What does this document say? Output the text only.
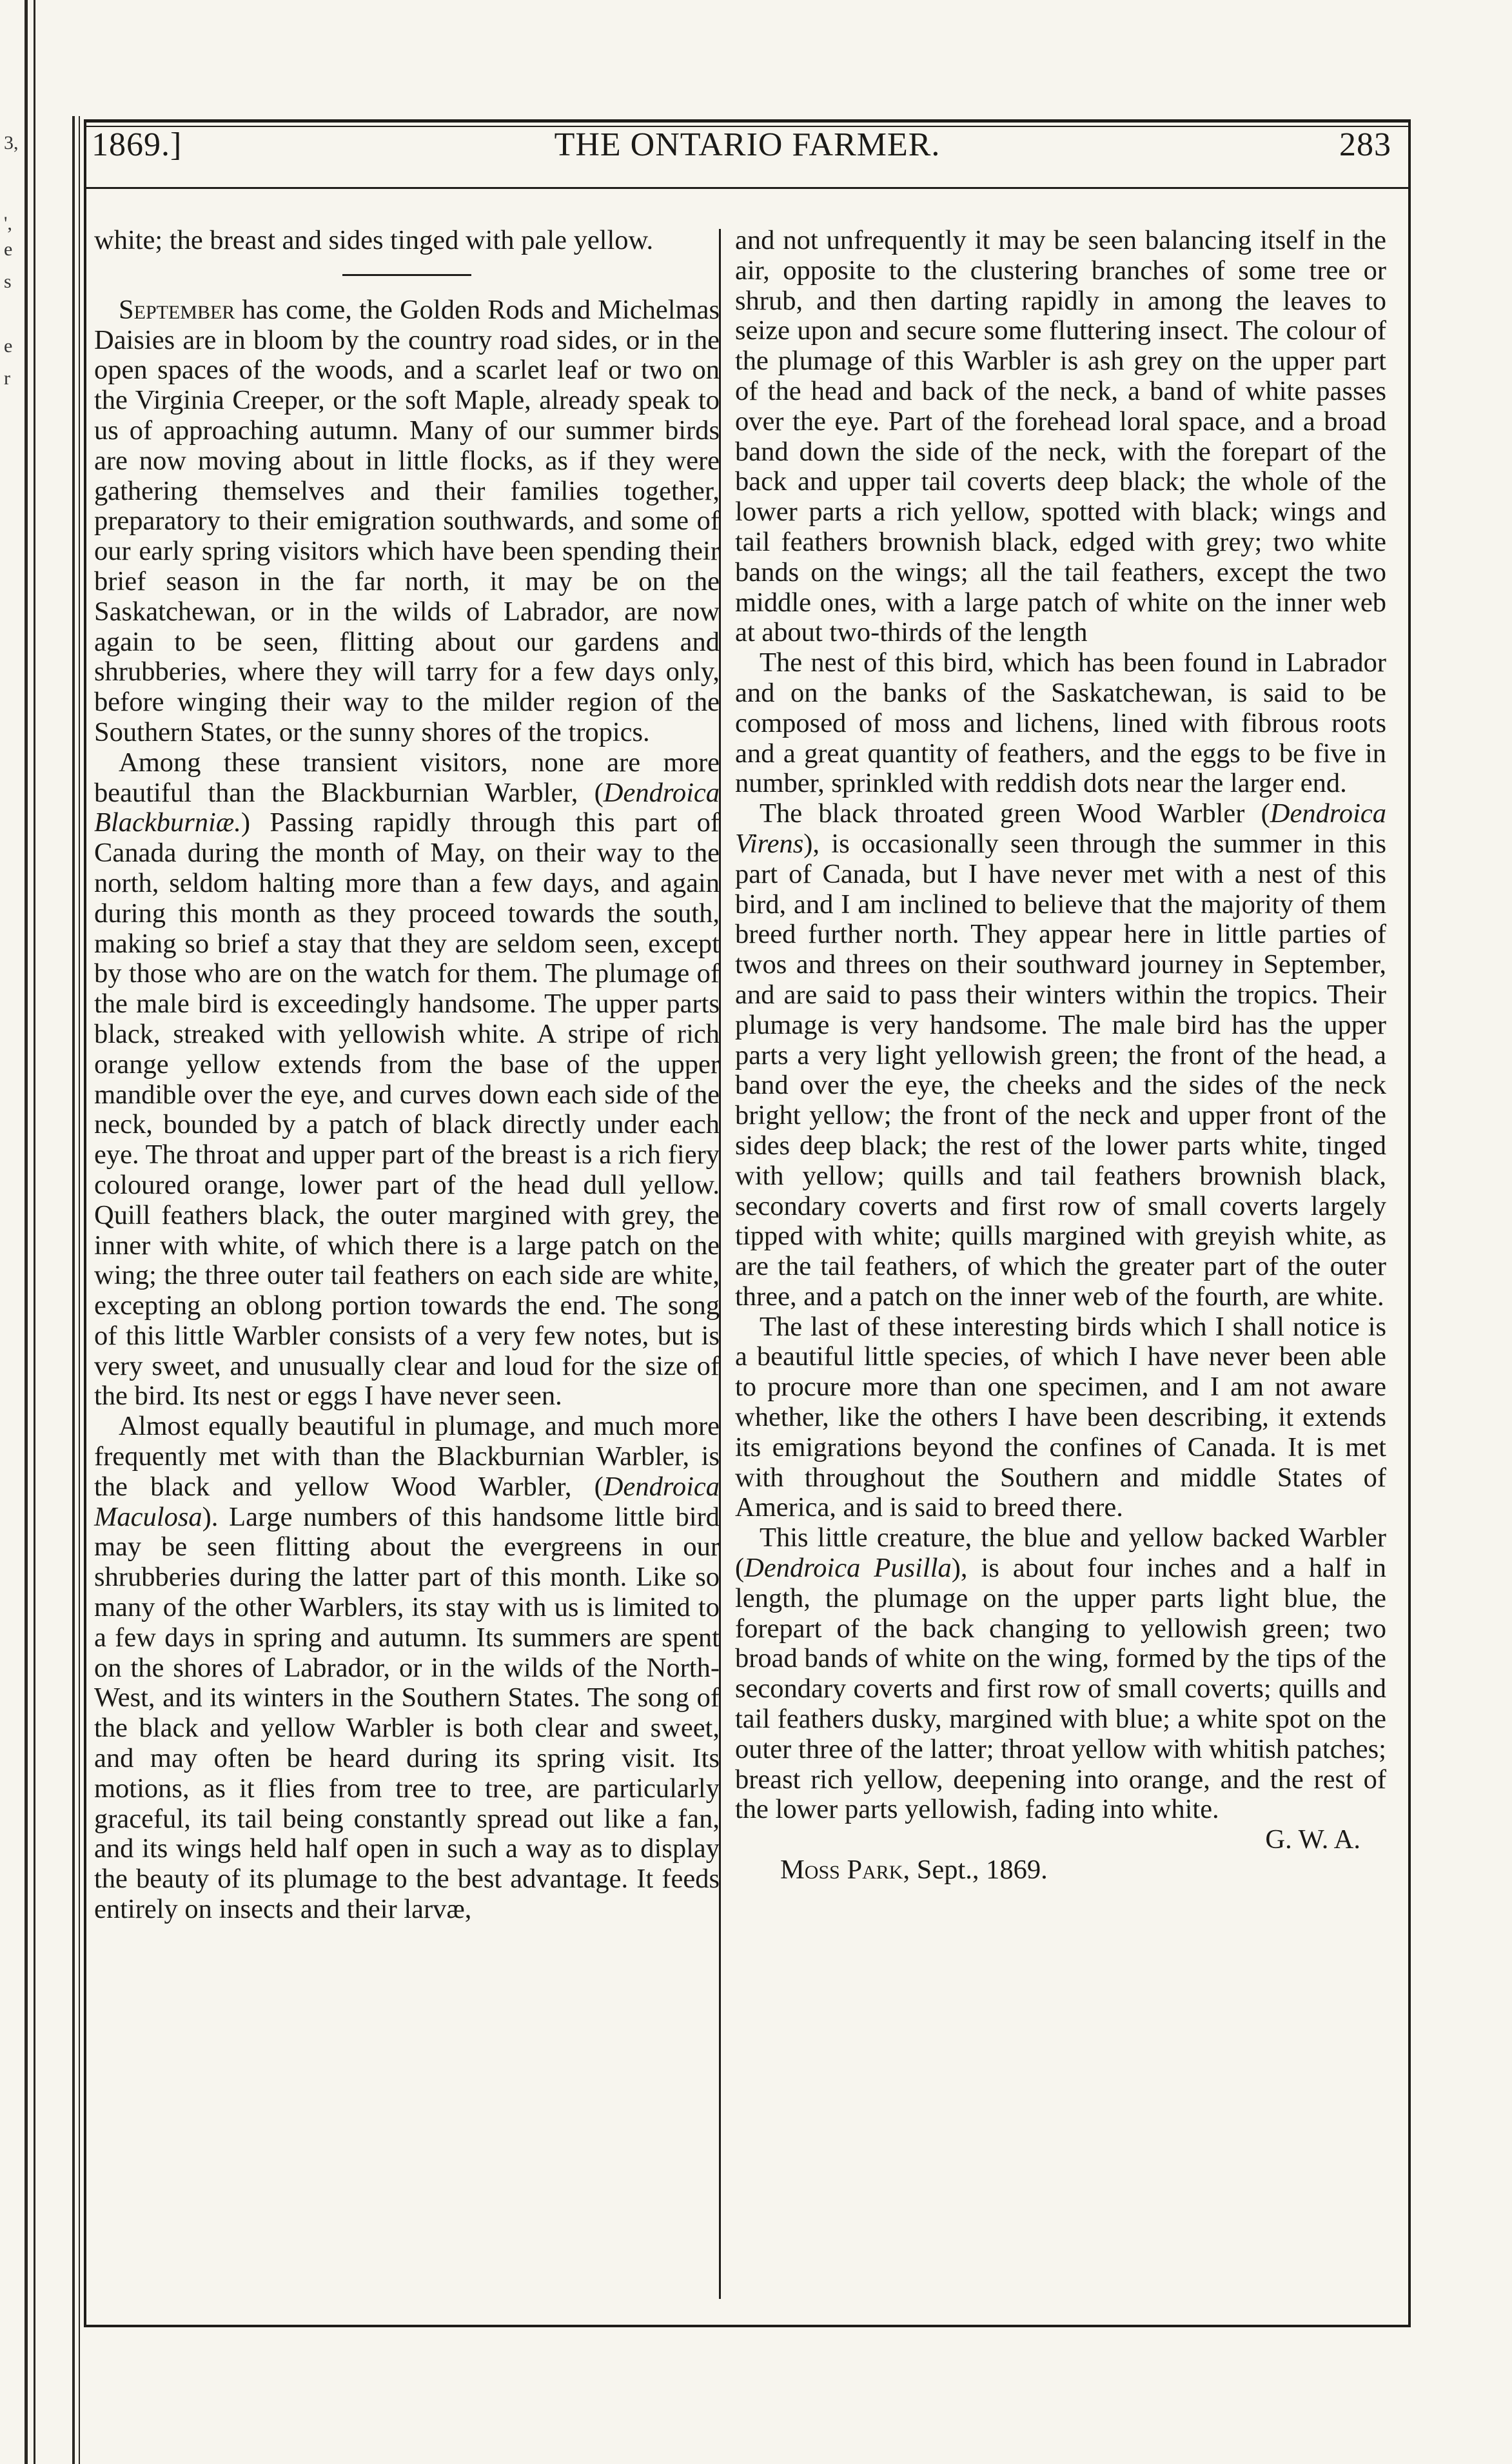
3,
',
e
s
e
r
1869.]	THE ONTARIO FARMER.	283

white; the breast and sides tinged with pale yellow.

September has come, the Golden Rods and Michelmas Daisies are in bloom by the country road sides, or in the open spaces of the woods, and a scarlet leaf or two on the Virginia Creeper, or the soft Maple, already speak to us of approaching autumn. Many of our summer birds are now moving about in little flocks, as if they were gathering themselves and their families together, preparatory to their emigration southwards, and some of our early spring visitors which have been spending their brief season in the far north, it may be on the Saskatchewan, or in the wilds of Labrador, are now again to be seen, flitting about our gardens and shrubberies, where they will tarry for a few days only, before winging their way to the milder region of the Southern States, or the sunny shores of the tropics.

Among these transient visitors, none are more beautiful than the Blackburnian Warbler, (Dendroica Blackburniæ.) Passing rapidly through this part of Canada during the month of May, on their way to the north, seldom halting more than a few days, and again during this month as they proceed towards the south, making so brief a stay that they are seldom seen, except by those who are on the watch for them. The plumage of the male bird is exceedingly handsome. The upper parts black, streaked with yellowish white. A stripe of rich orange yellow extends from the base of the upper mandible over the eye, and curves down each side of the neck, bounded by a patch of black directly under each eye. The throat and upper part of the breast is a rich fiery coloured orange, lower part of the head dull yellow. Quill feathers black, the outer margined with grey, the inner with white, of which there is a large patch on the wing; the three outer tail feathers on each side are white, excepting an oblong portion towards the end. The song of this little Warbler consists of a very few notes, but is very sweet, and unusually clear and loud for the size of the bird. Its nest or eggs I have never seen.

Almost equally beautiful in plumage, and much more frequently met with than the Blackburnian Warbler, is the black and yellow Wood Warbler, (Dendroica Maculosa). Large numbers of this handsome little bird may be seen flitting about the evergreens in our shrubberies during the latter part of this month. Like so many of the other Warblers, its stay with us is limited to a few days in spring and autumn. Its summers are spent on the shores of Labrador, or in the wilds of the North-West, and its winters in the Southern States. The song of the black and yellow Warbler is both clear and sweet, and may often be heard during its spring visit. Its motions, as it flies from tree to tree, are particularly graceful, its tail being constantly spread out like a fan, and its wings held half open in such a way as to display the beauty of its plumage to the best advantage. It feeds entirely on insects and their larvæ,

and not unfrequently it may be seen balancing itself in the air, opposite to the clustering branches of some tree or shrub, and then darting rapidly in among the leaves to seize upon and secure some fluttering insect. The colour of the plumage of this Warbler is ash grey on the upper part of the head and back of the neck, a band of white passes over the eye. Part of the forehead loral space, and a broad band down the side of the neck, with the forepart of the back and upper tail coverts deep black; the whole of the lower parts a rich yellow, spotted with black; wings and tail feathers brownish black, edged with grey; two white bands on the wings; all the tail feathers, except the two middle ones, with a large patch of white on the inner web at about two-thirds of the length

The nest of this bird, which has been found in Labrador and on the banks of the Saskatchewan, is said to be composed of moss and lichens, lined with fibrous roots and a great quantity of feathers, and the eggs to be five in number, sprinkled with reddish dots near the larger end.

The black throated green Wood Warbler (Dendroica Virens), is occasionally seen through the summer in this part of Canada, but I have never met with a nest of this bird, and I am inclined to believe that the majority of them breed further north. They appear here in little parties of twos and threes on their southward journey in September, and are said to pass their winters within the tropics. Their plumage is very handsome. The male bird has the upper parts a very light yellowish green; the front of the head, a band over the eye, the cheeks and the sides of the neck bright yellow; the front of the neck and upper front of the sides deep black; the rest of the lower parts white, tinged with yellow; quills and tail feathers brownish black, secondary coverts and first row of small coverts largely tipped with white; quills margined with greyish white, as are the tail feathers, of which the greater part of the outer three, and a patch on the inner web of the fourth, are white.

The last of these interesting birds which I shall notice is a beautiful little species, of which I have never been able to procure more than one specimen, and I am not aware whether, like the others I have been describing, it extends its emigrations beyond the confines of Canada. It is met with throughout the Southern and middle States of America, and is said to breed there.

This little creature, the blue and yellow backed Warbler (Dendroica Pusilla), is about four inches and a half in length, the plumage on the upper parts light blue, the forepart of the back changing to yellowish green; two broad bands of white on the wing, formed by the tips of the secondary coverts and first row of small coverts; quills and tail feathers dusky, margined with blue; a white spot on the outer three of the latter; throat yellow with whitish patches; breast rich yellow, deepening into orange, and the rest of the lower parts yellowish, fading into white.

G. W. A.

Moss Park, Sept., 1869.
